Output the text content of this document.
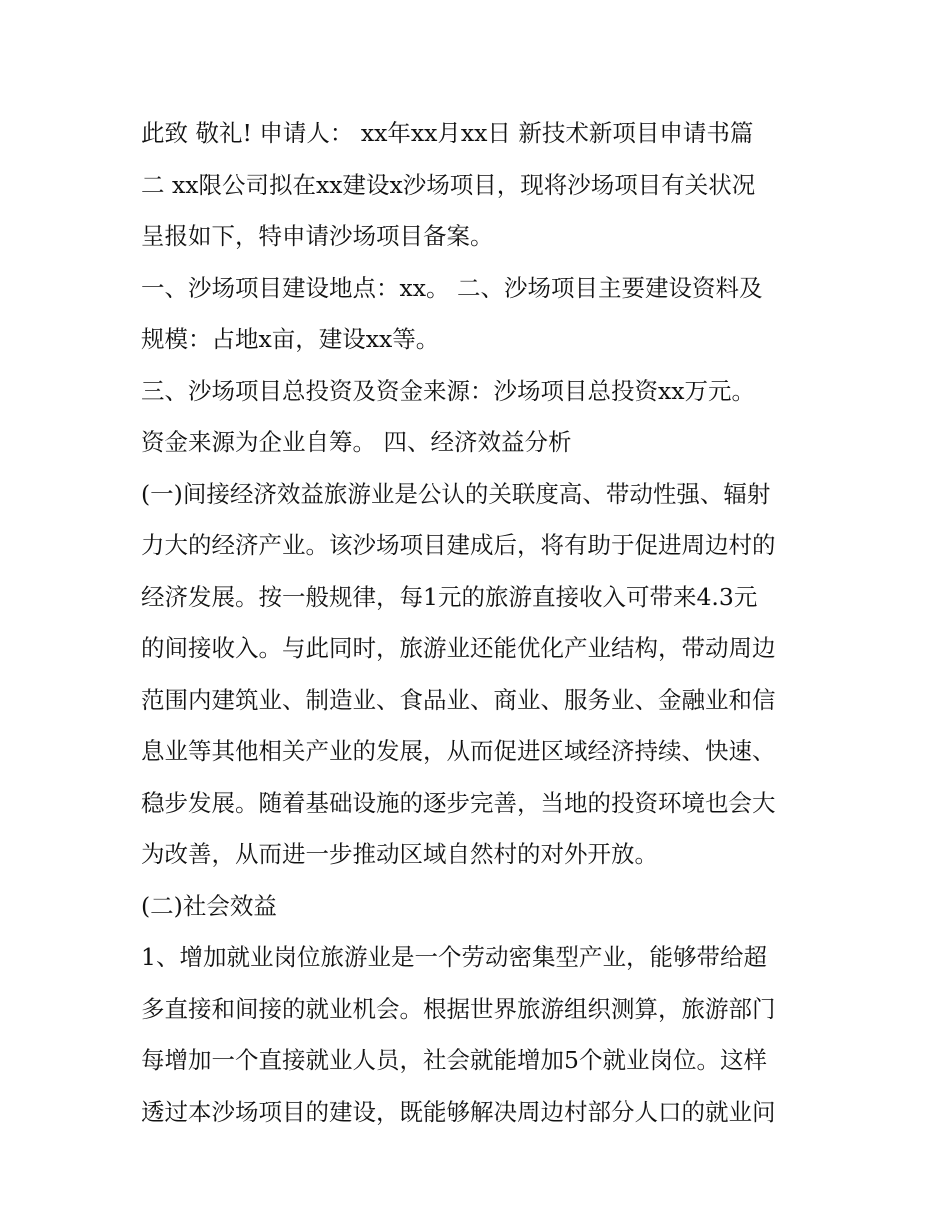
此致 敬礼! 申请人： xx年xx月xx日 新技术新项目申请书篇
二 xx限公司拟在xx建设x沙场项目，现将沙场项目有关状况
呈报如下，特申请沙场项目备案。
一、沙场项目建设地点：xx。 二、沙场项目主要建设资料及
规模：占地x亩，建设xx等。
三、沙场项目总投资及资金来源：沙场项目总投资xx万元。
资金来源为企业自筹。 四、经济效益分析
(一)间接经济效益旅游业是公认的关联度高、带动性强、辐射
力大的经济产业。该沙场项目建成后，将有助于促进周边村的
经济发展。按一般规律，每1元的旅游直接收入可带来4.3元
的间接收入。与此同时，旅游业还能优化产业结构，带动周边
范围内建筑业、制造业、食品业、商业、服务业、金融业和信
息业等其他相关产业的发展，从而促进区域经济持续、快速、
稳步发展。随着基础设施的逐步完善，当地的投资环境也会大
为改善，从而进一步推动区域自然村的对外开放。
(二)社会效益
1、增加就业岗位旅游业是一个劳动密集型产业，能够带给超
多直接和间接的就业机会。根据世界旅游组织测算，旅游部门
每增加一个直接就业人员，社会就能增加5个就业岗位。这样
透过本沙场项目的建设，既能够解决周边村部分人口的就业问
